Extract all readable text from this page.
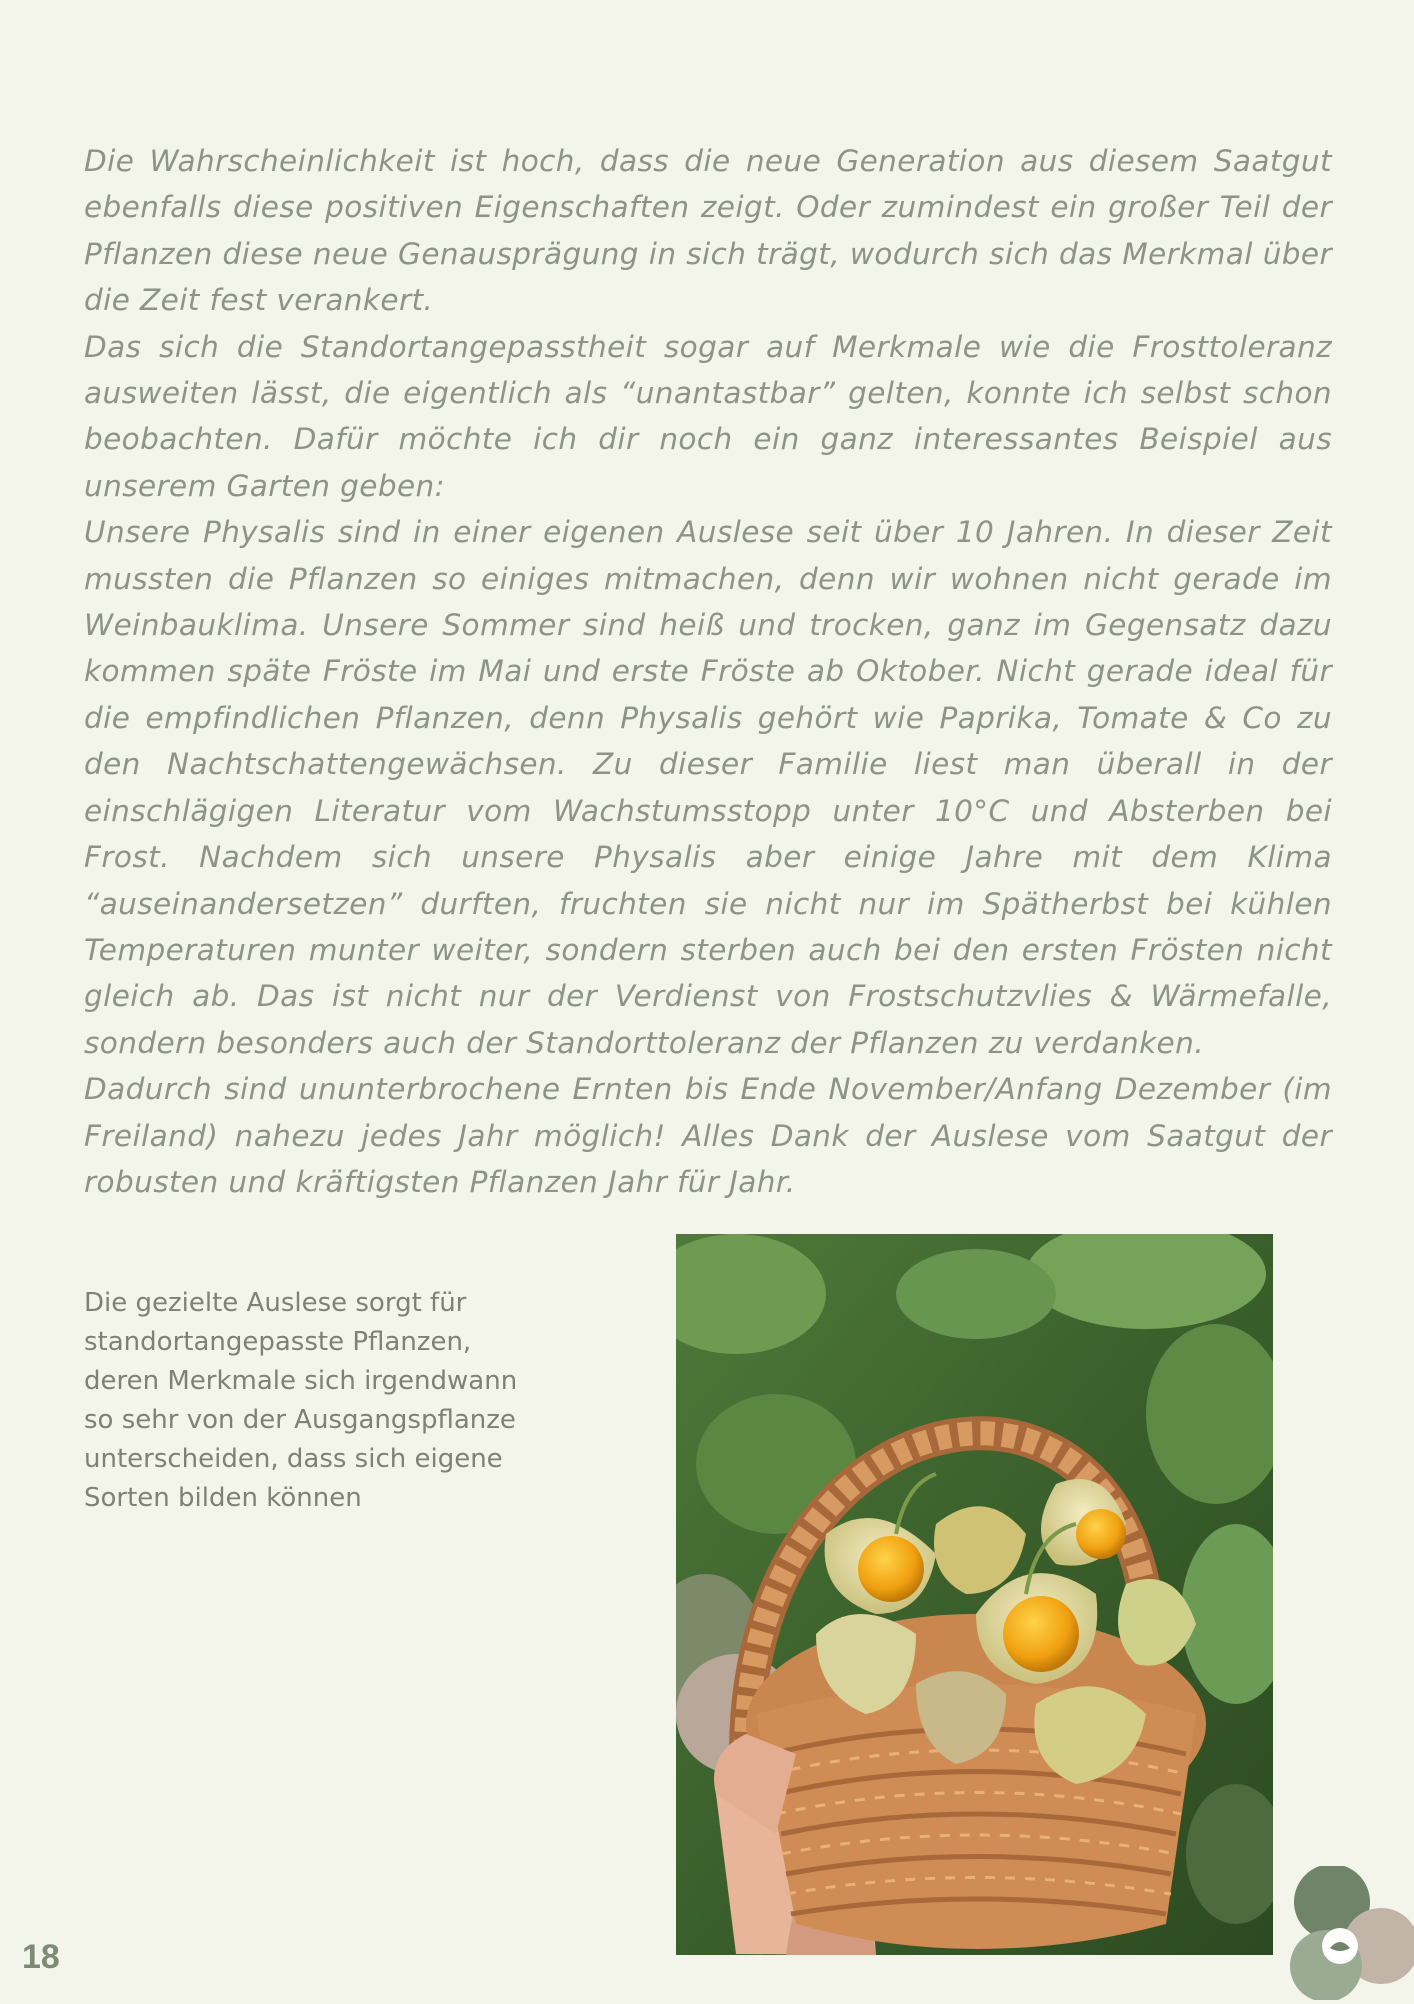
Die Wahrscheinlichkeit ist hoch, dass die neue Generation aus diesem Saatgut ebenfalls diese positiven Eigenschaften zeigt. Oder zumindest ein großer Teil der Pflanzen diese neue Genausprägung in sich trägt, wodurch sich das Merkmal über die Zeit fest verankert.

Das sich die Standortangepasstheit sogar auf Merkmale wie die Frosttoleranz ausweiten lässt, die eigentlich als “unantastbar” gelten, konnte ich selbst schon beobachten. Dafür möchte ich dir noch ein ganz interessantes Beispiel aus unserem Garten geben:

Unsere Physalis sind in einer eigenen Auslese seit über 10 Jahren. In dieser Zeit mussten die Pflanzen so einiges mitmachen, denn wir wohnen nicht gerade im Weinbauklima. Unsere Sommer sind heiß und trocken, ganz im Gegensatz dazu kommen späte Fröste im Mai und erste Fröste ab Oktober. Nicht gerade ideal für die empfindlichen Pflanzen, denn Physalis gehört wie Paprika, Tomate & Co zu den Nachtschattengewächsen. Zu dieser Familie liest man überall in der einschlägigen Literatur vom Wachstumsstopp unter 10°C und Absterben bei Frost. Nachdem sich unsere Physalis aber einige Jahre mit dem Klima “auseinandersetzen” durften, fruchten sie nicht nur im Spätherbst bei kühlen Temperaturen munter weiter, sondern sterben auch bei den ersten Frösten nicht gleich ab. Das ist nicht nur der Verdienst von Frostschutzvlies & Wärmefalle, sondern besonders auch der Standorttoleranz der Pflanzen zu verdanken.

Dadurch sind ununterbrochene Ernten bis Ende November/Anfang Dezember (im Freiland) nahezu jedes Jahr möglich! Alles Dank der Auslese vom Saatgut der robusten und kräftigsten Pflanzen Jahr für Jahr.

Die gezielte Auslese sorgt für standortangepasste Pflanzen, deren Merkmale sich irgendwann so sehr von der Ausgangspflanze unterscheiden, dass sich eigene Sorten bilden können
18
